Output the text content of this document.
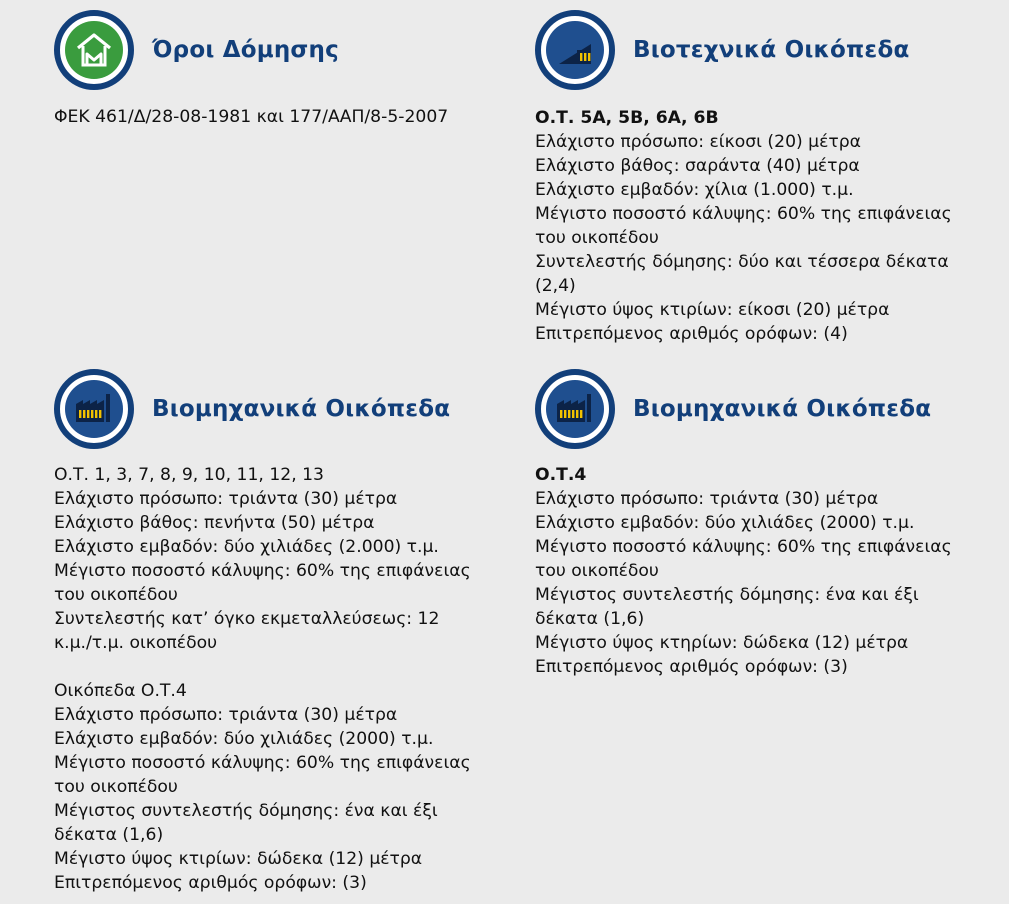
Όροι Δόμησης
ΦΕΚ 461/Δ/28-08-1981 και 177/ΑΑΠ/8-5-2007
Βιοτεχνικά Οικόπεδα
Ο.Τ. 5Α, 5Β, 6Α, 6Β
Ελάχιστο πρόσωπο: είκοσι (20) μέτρα
Ελάχιστο βάθος: σαράντα (40) μέτρα
Ελάχιστο εμβαδόν: χίλια (1.000) τ.μ.
Μέγιστο ποσοστό κάλυψης: 60% της επιφάνειας
του οικοπέδου
Συντελεστής δόμησης: δύο και τέσσερα δέκατα
(2,4)
Μέγιστο ύψος κτιρίων: είκοσι (20) μέτρα
Επιτρεπόμενος αριθμός ορόφων: (4)
Βιομηχανικά Οικόπεδα
Ο.Τ. 1, 3, 7, 8, 9, 10, 11, 12, 13
Ελάχιστο πρόσωπο: τριάντα (30) μέτρα
Ελάχιστο βάθος: πενήντα (50) μέτρα
Ελάχιστο εμβαδόν: δύο χιλιάδες (2.000) τ.μ.
Μέγιστο ποσοστό κάλυψης: 60% της επιφάνειας
του οικοπέδου
Συντελεστής κατ’ όγκο εκμεταλλεύσεως: 12
κ.μ./τ.μ. οικοπέδου
Οικόπεδα Ο.Τ.4
Ελάχιστο πρόσωπο: τριάντα (30) μέτρα
Ελάχιστο εμβαδόν: δύο χιλιάδες (2000) τ.μ.
Μέγιστο ποσοστό κάλυψης: 60% της επιφάνειας
του οικοπέδου
Μέγιστος συντελεστής δόμησης: ένα και έξι
δέκατα (1,6)
Μέγιστο ύψος κτιρίων: δώδεκα (12) μέτρα
Επιτρεπόμενος αριθμός ορόφων: (3)
Βιομηχανικά Οικόπεδα
Ο.Τ.4
Ελάχιστο πρόσωπο: τριάντα (30) μέτρα
Ελάχιστο εμβαδόν: δύο χιλιάδες (2000) τ.μ.
Μέγιστο ποσοστό κάλυψης: 60% της επιφάνειας
του οικοπέδου
Μέγιστος συντελεστής δόμησης: ένα και έξι
δέκατα (1,6)
Μέγιστο ύψος κτηρίων: δώδεκα (12) μέτρα
Επιτρεπόμενος αριθμός ορόφων: (3)
